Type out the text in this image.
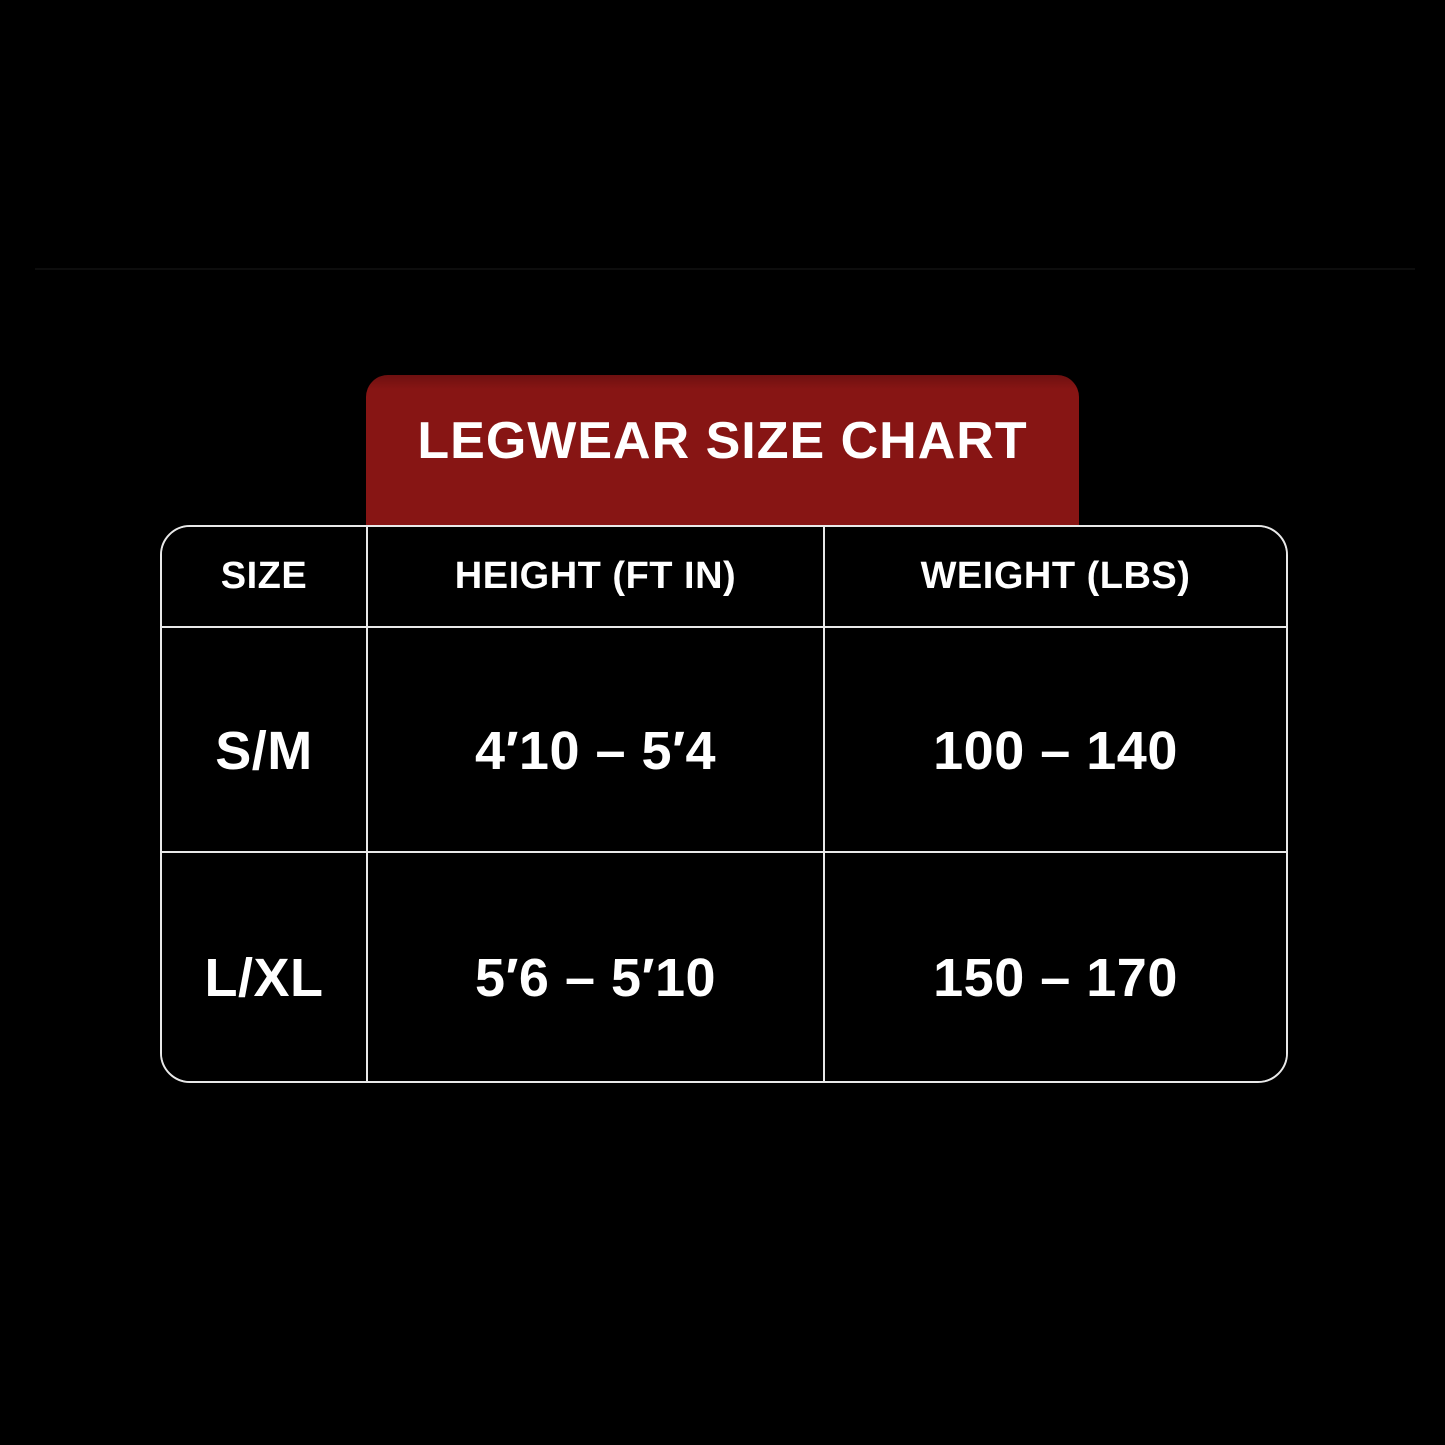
LEGWEAR SIZE CHART
SIZE	HEIGHT (FT IN)	WEIGHT (LBS)
S/M	4′10 – 5′4	100 – 140
L/XL	5′6 – 5′10	150 – 170
